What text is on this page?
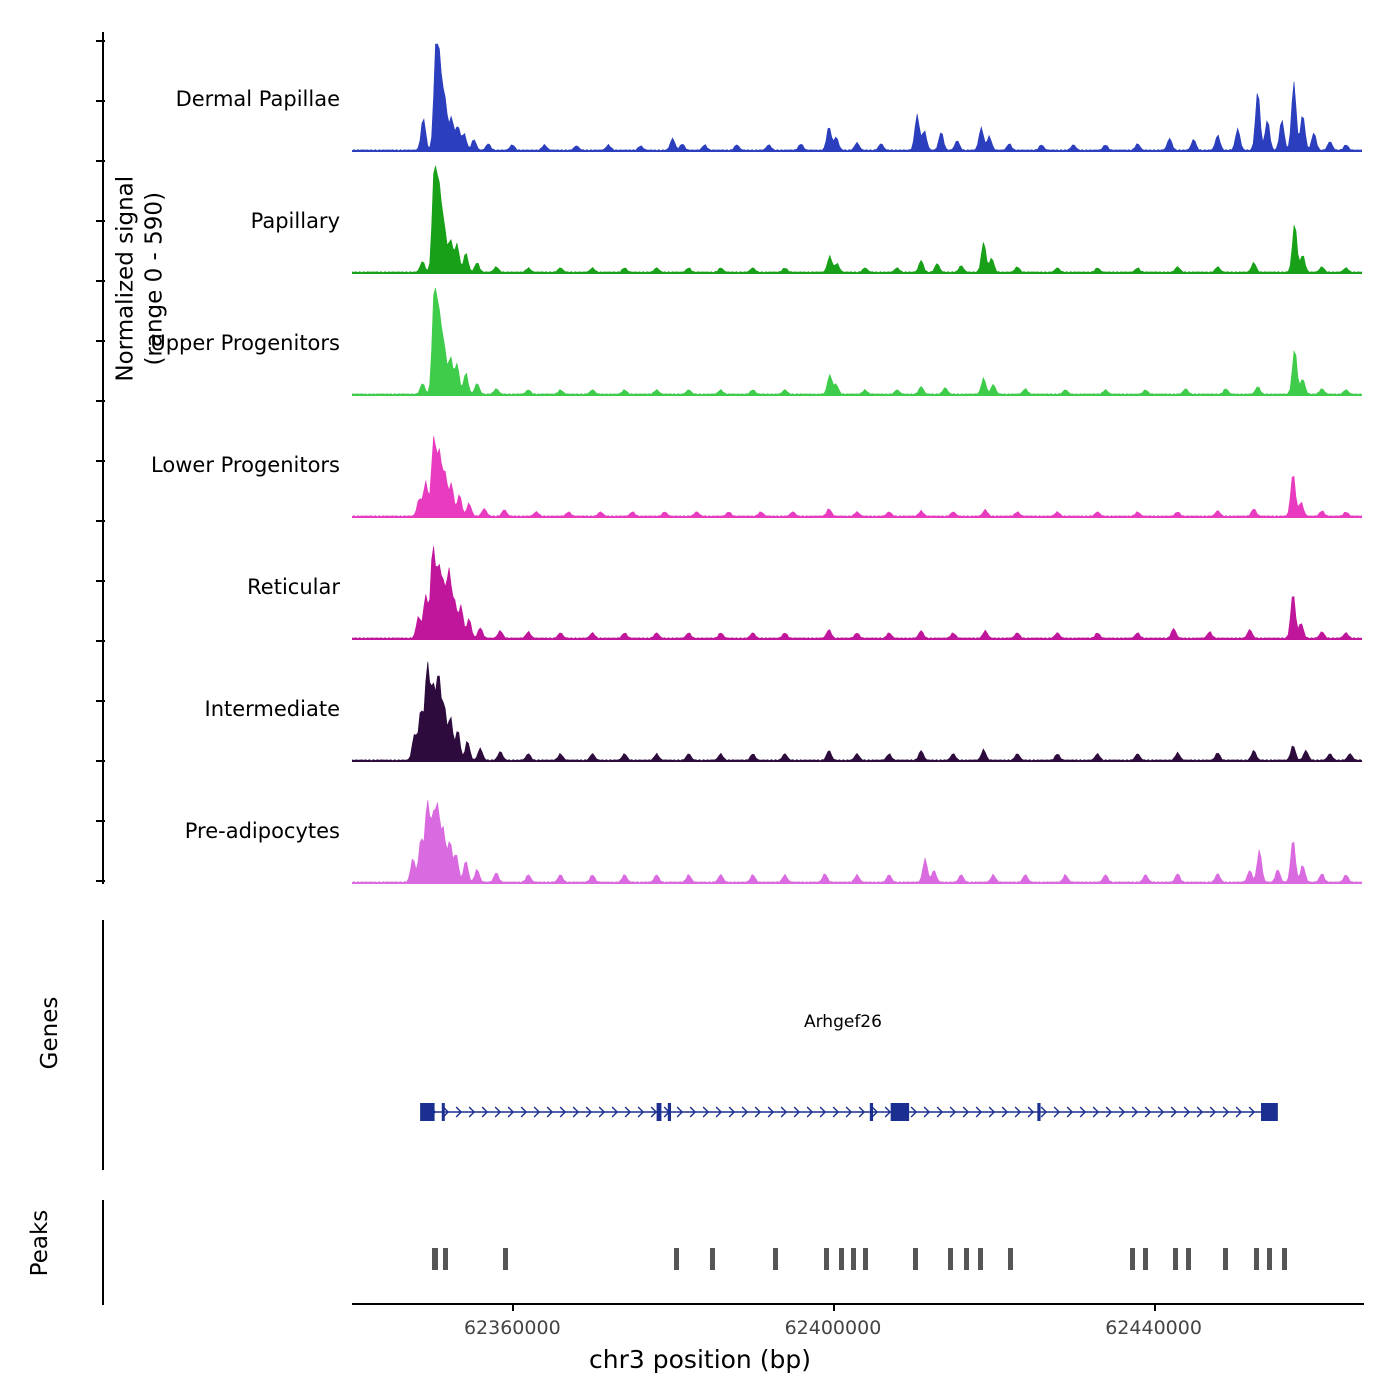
Normalized signal (range 0 - 590)
Genes
Peaks
Dermal Papillae
Papillary
Upper Progenitors
Lower Progenitors
Reticular
Intermediate
Pre-adipocytes
Arhgef26
62360000	62400000	62440000
chr3 position (bp)
